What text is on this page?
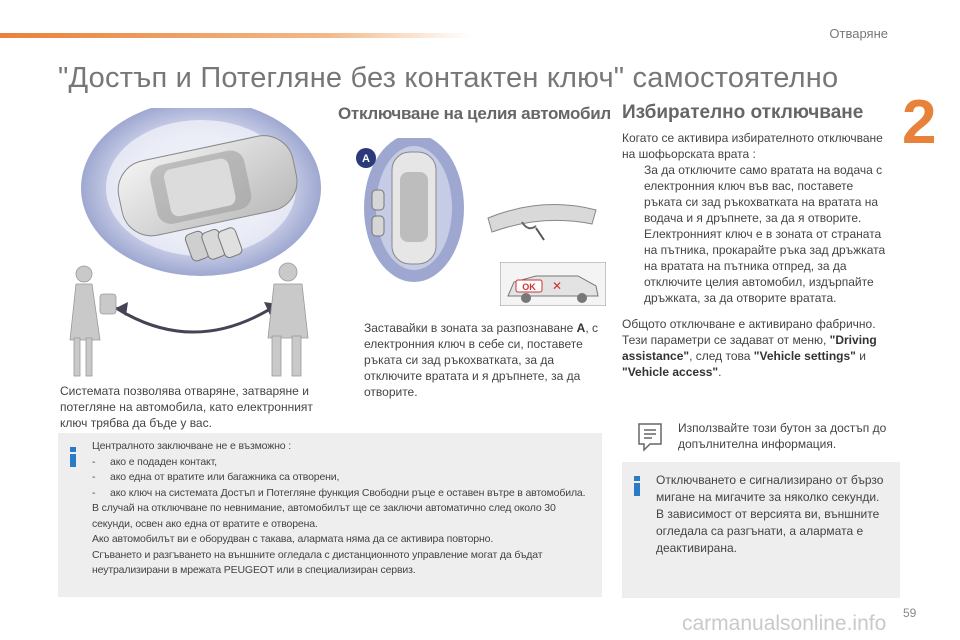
Отваряне
2
"Достъп и Потегляне без контактен ключ" самостоятелно
A
OK ✕
Отключване на целия автомобил Избирателно отключване
Системата позволява отваряне, затваряне и потегляне на автомобила, като електронният ключ трябва да бъде у вас.
Заставайки в зоната за разпознаване A, с електронния ключ в себе си, поставете ръката си зад ръкохватката, за да отключите вратата и я дръпнете, за да отворите.
Когато се активира избирателното отключване на шофьорската врата :
За да отключите само вратата на водача с електронния ключ във вас, поставете ръката си зад ръкохватката на вратата на водача и я дръпнете, за да я отворите.
Електронният ключ е в зоната от страната на пътника, прокарайте ръка зад дръжката на вратата на пътника отпред, за да отключите целия автомобил, издърпайте дръжката, за да отворите вратата.
Общото отключване е активирано фабрично. Тези параметри се задават от меню, "Driving assistance", след това "Vehicle settings" и "Vehicle access".
Използвайте този бутон за достъп до допълнителна информация.
Централното заключване не е възможно :
- ако е подаден контакт,
- ако една от вратите или багажника са отворени,
- ако ключ на системата Достъп и Потегляне функция Свободни ръце е оставен вътре в автомобила.
В случай на отключване по невнимание, автомобилът ще се заключи автоматично след около 30 секунди, освен ако една от вратите е отворена.
Ако автомобилът ви е оборудван с такава, алармата няма да се активира повторно.
Сгъването и разгъването на външните огледала с дистанционното управление могат да бъдат неутрализирани в мрежата PEUGEOT или в специализиран сервиз.
Отключването е сигнализирано от бързо мигане на мигачите за няколко секунди.
В зависимост от версията ви, външните огледала са разгънати, а алармата е деактивирана.
59
carmanualsonline.info
